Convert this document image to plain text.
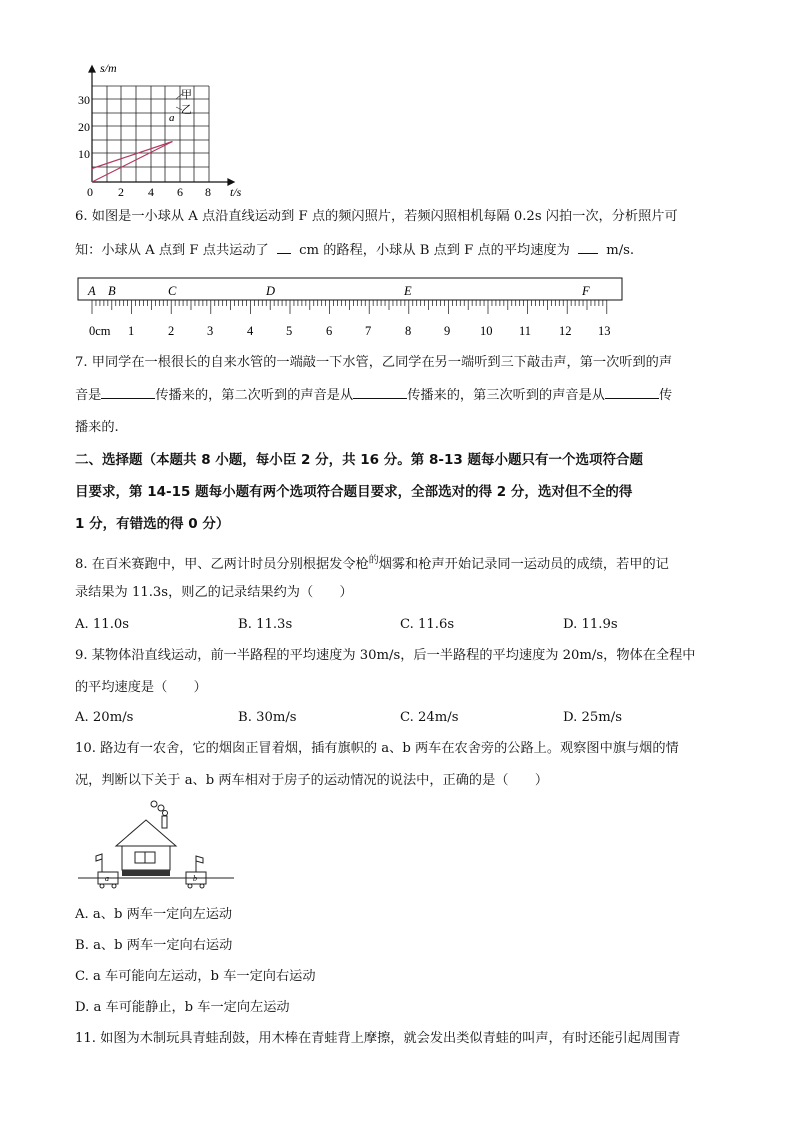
s/m
30
20
10
0 2 4 6 8 t/s
甲
乙
a
6. 如图是一小球从 A 点沿直线运动到 F 点的频闪照片，若频闪照相机每隔 0.2s 闪拍一次，分析照片可
知：小球从 A 点到 F 点共运动了 cm 的路程，小球从 B 点到 F 点的平均速度为	m/s.
A B	C	D	E	F
0cm 1	2	3	4	5	6	7	8	9 10 11 12 13
7. 甲同学在一根很长的自来水管的一端敲一下水管，乙同学在另一端听到三下敲击声，第一次听到的声
音是	传播来的，第二次听到的声音是从	传播来的，第三次听到的声音是从	传
播来的.
二、选择题（本题共 8 小题，每小臣 2 分，共 16 分。第 8-13 题每小题只有一个选项符合题
目要求，第 14-15 题每小题有两个选项符合题目要求，全部选对的得 2 分，选对但不全的得
1 分，有错选的得 0 分）
8. 在百米赛跑中，甲、乙两计时员分别根据发令枪$^的$烟雾和枪声开始记录同一运动员的成绩，若甲的记
录结果为 11.3s，则乙的记录结果约为（　　）
A. 11.0s	B. 11.3s	C. 11.6s	D. 11.9s
9. 某物体沿直线运动，前一半路程的平均速度为 30m/s，后一半路程的平均速度为 20m/s，物体在全程中
的平均速度是（　　）
A. 20m/s	B. 30m/s	C. 24m/s	D. 25m/s
10. 路边有一农舍，它的烟囱正冒着烟，插有旗帜的 a、b 两车在农舍旁的公路上。观察图中旗与烟的情
况，判断以下关于 a、b 两车相对于房子的运动情况的说法中，正确的是（　　）
a	b
A. a、b 两车一定向左运动
B. a、b 两车一定向右运动
C. a 车可能向左运动，b 车一定向右运动
D. a 车可能静止，b 车一定向左运动
11. 如图为木制玩具青蛙刮鼓，用木棒在青蛙背上摩擦，就会发出类似青蛙的叫声，有时还能引起周围青
